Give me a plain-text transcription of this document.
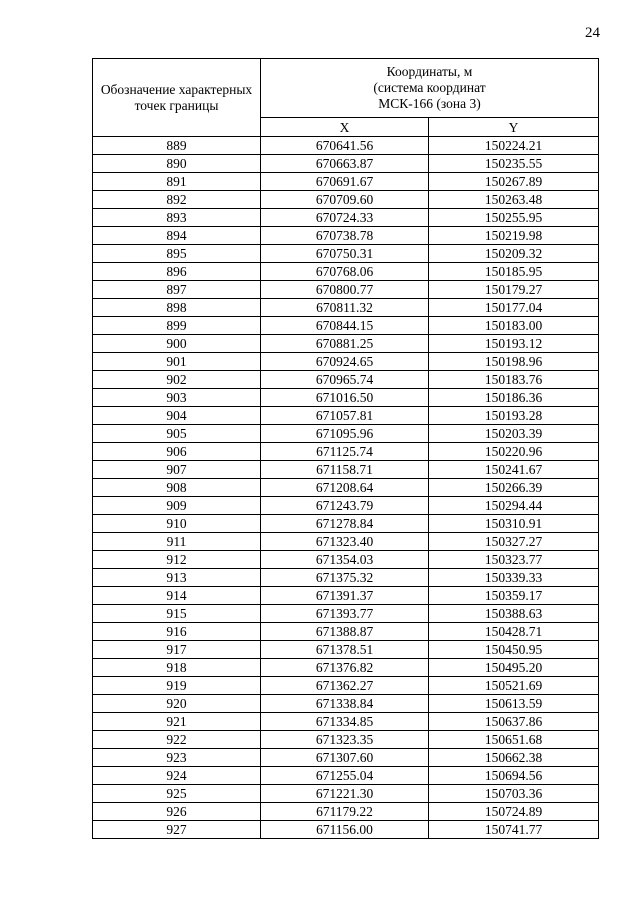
24
Обозначение характерных точек границы	Координаты, м
(система координат
МСК-166 (зона 3)	
	X	Y
889	670641.56	150224.21
890	670663.87	150235.55
891	670691.67	150267.89
892	670709.60	150263.48
893	670724.33	150255.95
894	670738.78	150219.98
895	670750.31	150209.32
896	670768.06	150185.95
897	670800.77	150179.27
898	670811.32	150177.04
899	670844.15	150183.00
900	670881.25	150193.12
901	670924.65	150198.96
902	670965.74	150183.76
903	671016.50	150186.36
904	671057.81	150193.28
905	671095.96	150203.39
906	671125.74	150220.96
907	671158.71	150241.67
908	671208.64	150266.39
909	671243.79	150294.44
910	671278.84	150310.91
911	671323.40	150327.27
912	671354.03	150323.77
913	671375.32	150339.33
914	671391.37	150359.17
915	671393.77	150388.63
916	671388.87	150428.71
917	671378.51	150450.95
918	671376.82	150495.20
919	671362.27	150521.69
920	671338.84	150613.59
921	671334.85	150637.86
922	671323.35	150651.68
923	671307.60	150662.38
924	671255.04	150694.56
925	671221.30	150703.36
926	671179.22	150724.89
927	671156.00	150741.77
